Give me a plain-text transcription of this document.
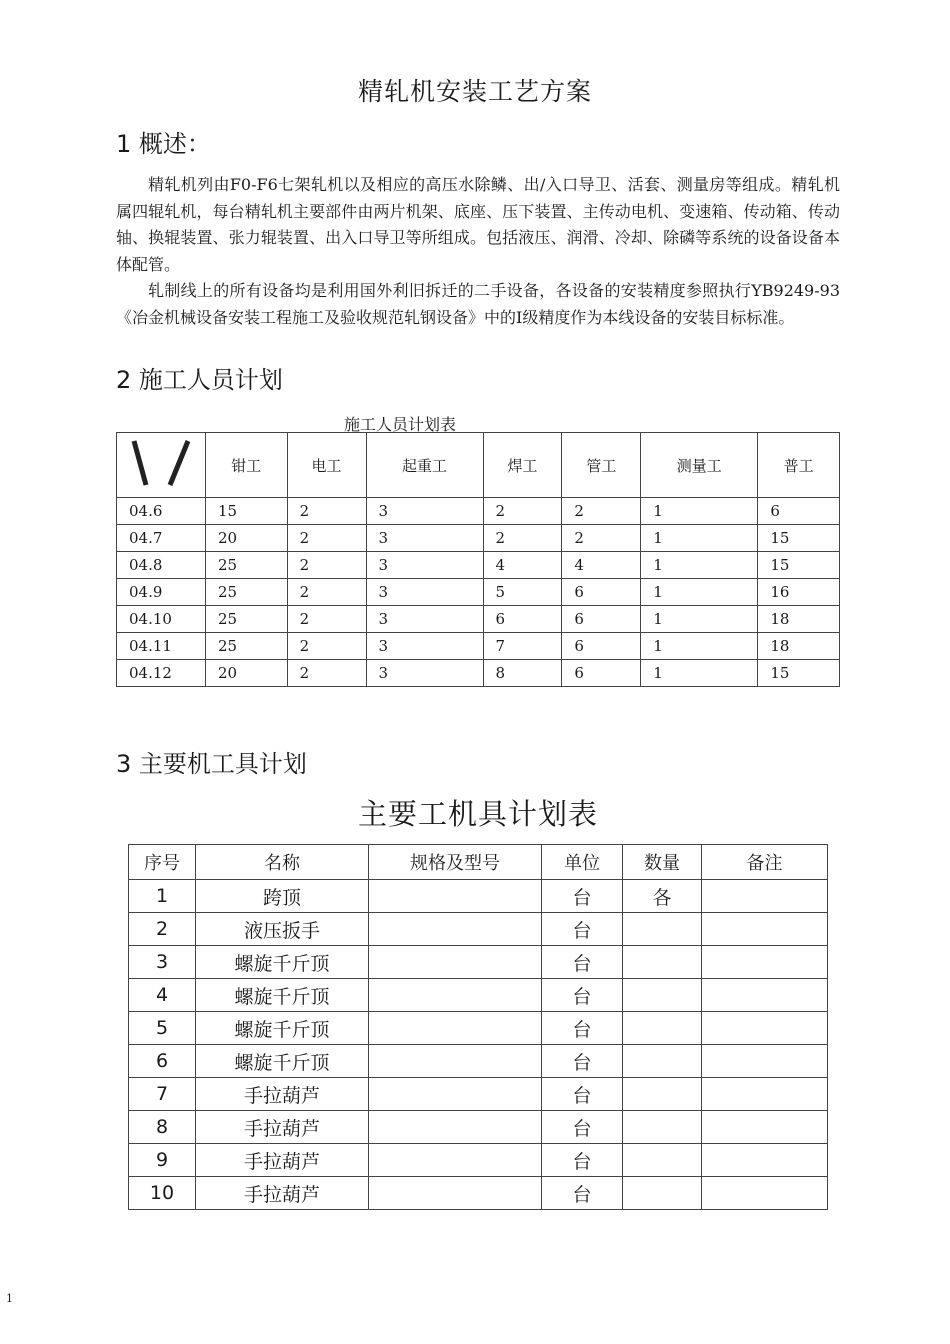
精轧机安装工艺方案
1 概述：

精轧机列由F0-F6七架轧机以及相应的高压水除鳞、出/入口导卫、活套、测量房等组成。精轧机属四辊轧机，每台精轧机主要部件由两片机架、底座、压下装置、主传动电机、变速箱、传动箱、传动轴、换辊装置、张力辊装置、出入口导卫等所组成。包括液压、润滑、冷却、除磷等系统的设备设备本体配管。

轧制线上的所有设备均是利用国外利旧拆迁的二手设备，各设备的安装精度参照执行YB9249-93《冶金机械设备安装工程施工及验收规范轧钢设备》中的Ⅰ级精度作为本线设备的安装目标标准。

2 施工人员计划
施工人员计划表
	钳工	电工	起重工	焊工	管工	测量工	普工
04.6	15	2	3	2	2	1	6
04.7	20	2	3	2	2	1	15
04.8	25	2	3	4	4	1	15
04.9	25	2	3	5	6	1	16
04.10	25	2	3	6	6	1	18
04.11	25	2	3	7	6	1	18
04.12	20	2	3	8	6	1	15
3 主要机工具计划
主要工机具计划表
序号	名称	规格及型号	单位	数量	备注
1	跨顶		台	各	
2	液压扳手		台		
3	螺旋千斤顶		台		
4	螺旋千斤顶		台		
5	螺旋千斤顶		台		
6	螺旋千斤顶		台		
7	手拉葫芦		台		
8	手拉葫芦		台		
9	手拉葫芦		台		
10	手拉葫芦		台		
1
